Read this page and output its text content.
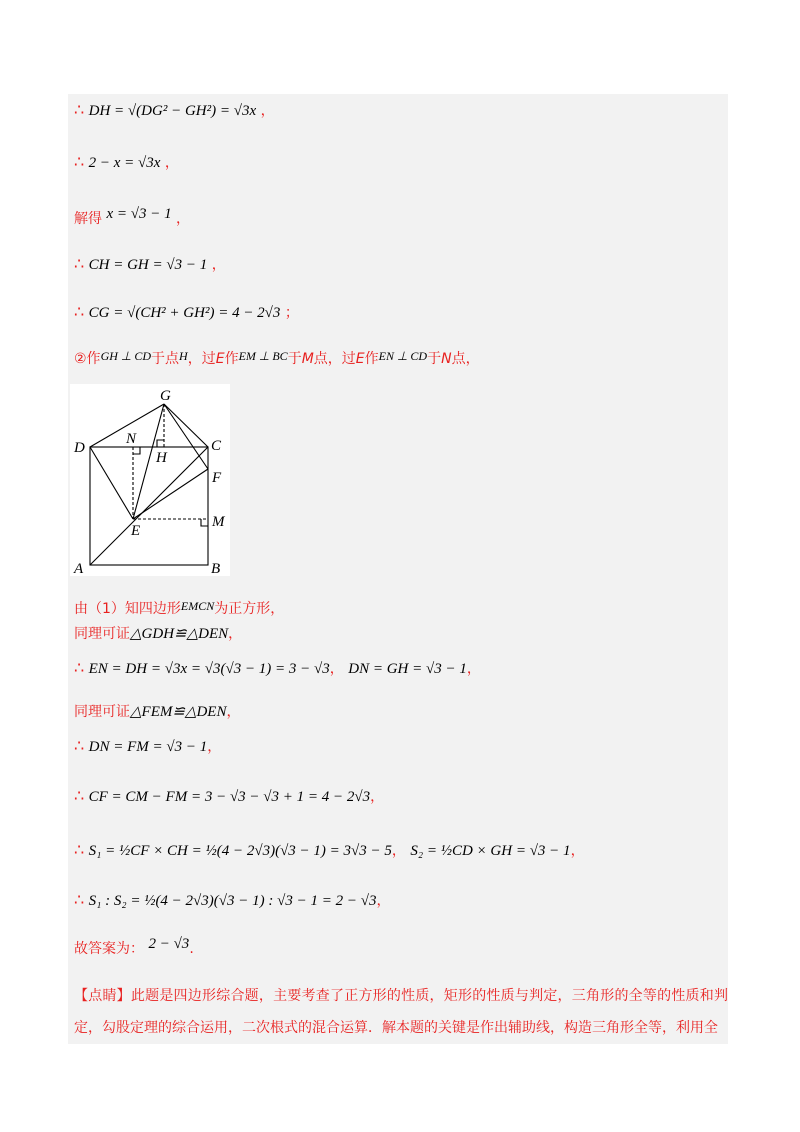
∴ DH = √(DG² − GH²) = √3x ，
∴ 2 − x = √3x ，
解得 x = √3 − 1 ，
∴ CH = GH = √3 − 1 ，
∴ CG = √(CH² + GH²) = 4 − 2√3 ；
②作GH ⊥ CD于点H，过E作EM ⊥ BC于M点，过E作EN ⊥ CD于N点，
G
D
N	C
H
F
M
E
A	B
由（1）知四边形EMCN为正方形，
同理可证△GDH≌△DEN，
∴ EN = DH = √3x = √3(√3 − 1) = 3 − √3， DN = GH = √3 − 1，
同理可证△FEM≌△DEN，
∴ DN = FM = √3 − 1，
∴ CF = CM − FM = 3 − √3 − √3 + 1 = 4 − 2√3，
∴ S₁ = ½CF × CH = ½(4 − 2√3)(√3 − 1) = 3√3 − 5， S₂ = ½CD × GH = √3 − 1，
∴ S₁ : S₂ = ½(4 − 2√3)(√3 − 1) : √3 − 1 = 2 − √3，
故答案为： 2 − √3.
【点睛】此题是四边形综合题，主要考查了正方形的性质，矩形的性质与判定，三角形的全等的性质和判定，勾股定理的综合运用，二次根式的混合运算．解本题的关键是作出辅助线，构造三角形全等，利用全
